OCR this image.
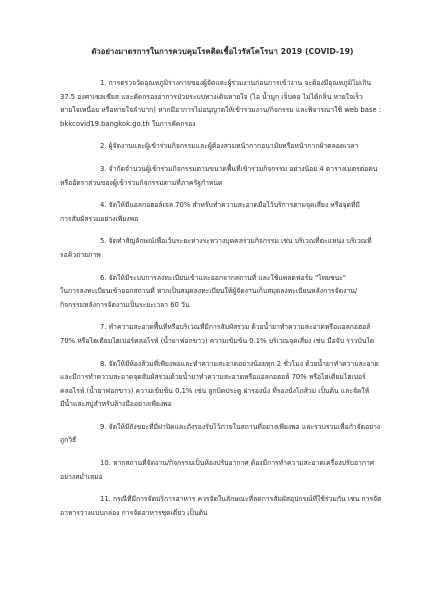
ตัวอย่างมาตรการในการควบคุมโรคติดเชื้อไวรัสโคโรนา 2019 (COVID-19)
1. การตรวจวัดอุณหภูมิร่างกายของผู้จัดและผู้ร่วมงานก่อนการเข้างาน จะต้องมีอุณหภูมิไม่เกิน
37.5 องศาเซลเซียส และคัดกรองอาการป่วยระบบทางเดินหายใจ (ไอ น้ำมูก เจ็บคอ ไม่ได้กลิ่น หายใจเร็ว
หายใจเหนื่อย หรือหายใจลำบาก) หากมีอาการไม่อนุญาตให้เข้าร่วมงาน/กิจกรรม และพิจารณาใช้ web base :
bkkcovid19.bangkok.go.th ในการคัดกรอง
2. ผู้จัดงานและผู้เข้าร่วมกิจกรรมและผู้ต้องสวมหน้ากากอนามัยหรือหน้ากากผ้าตลอดเวลา
3. จำกัดจำนวนผู้เข้าร่วมกิจกรรมตามขนาดพื้นที่เข้าร่วมกิจกรรม อย่างน้อย 4 ตารางเมตรต่อคน
หรืออัตราส่วนของผู้เข้าร่วมกิจกรรมตามที่ภาครัฐกำหนด
4. จัดให้มีแอลกอฮอล์เจล 70% สำหรับทำความสะอาดมือไว้บริการตามจุดเสี่ยง หรือจุดที่มี
การสัมผัสร่วมอย่างเพียงพอ
5. จัดทำสัญลักษณ์เพื่อเว้นระยะห่างระหว่างบุคคลร่วมกิจกรรม เช่น บริเวณที่ตะแหน่ง บริเวณที่
รอคิวถ่ายภาพ
6. จัดให้มีระบบการลงทะเบียนเข้าและออกจากสถานที่ และใช้แพลตฟอร์ม "ไทยชนะ"
ในการลงทะเบียนเข้าออกสถานที่ หากเป็นสมุดลงทะเบียนให้ผู้จัดงานเก็บสมุดลงทะเบียนหลังการจัดงาน/
กิจกรรมหลังการจัดงานเป็นระยะเวลา 60 วัน
7. ทำความสะอาดพื้นที่หรือบริเวณที่มีการสัมผัสร่วม ด้วยน้ำยาทำความสะอาดหรือแอลกอฮอล์
70% หรือไฮเดียมไฮเปอร์คลอไรท์ (น้ำยาฟอกขาว) ความเข้มข้น 0.1% บริเวณจุดเสี่ยง เช่น มือจับ ราวบันได
8. จัดให้มีห้องส้วมที่เพียงพอและทำความสะอาดอย่างน้อยทุก 2 ชั่วโมง ด้วยน้ำยาทำความสะอาด
และมีการทำความสะอาดจุดสัมผัสร่วมด้วยน้ำยาทำความสะอาดหรือแอลกอฮอล์ 70% หรือไฮเดียมไฮเปอร์
คลอไรท์ (น้ำยาฟอกขาว) ความเข้มข้น 0.1% เช่น ลูกบิดประตู ฝารองนั่ง ที่รองนั่งโถส้วม เป็นต้น และจัดให้
มีน้ำและสบู่สำหรับล้างมืออย่างเพียงพอ
9. จัดให้มีถังขยะที่มีฝาปิดและถังรองรับไว้ภายในสถานที่อย่างเพียงพอ และรวบรวมเพื่อกำจัดอย่าง
ถูกวิธี
10. หากสถานที่จัดงาน/กิจกรรมเป็นห้องปรับอากาศ ต้องมีการทำความสะอาดเครื่องปรับอากาศ
อย่างสม่ำเสมอ
11. กรณีที่มีการจัดบริการอาหาร ควรจัดในลักษณะที่ลดการสัมผัสอุปกรณ์ที่ใช้ร่วมกัน เช่น การจัด
อาหารว่างแบบกล่อง การจัดอาหารชุดเดี่ยว เป็นต้น
